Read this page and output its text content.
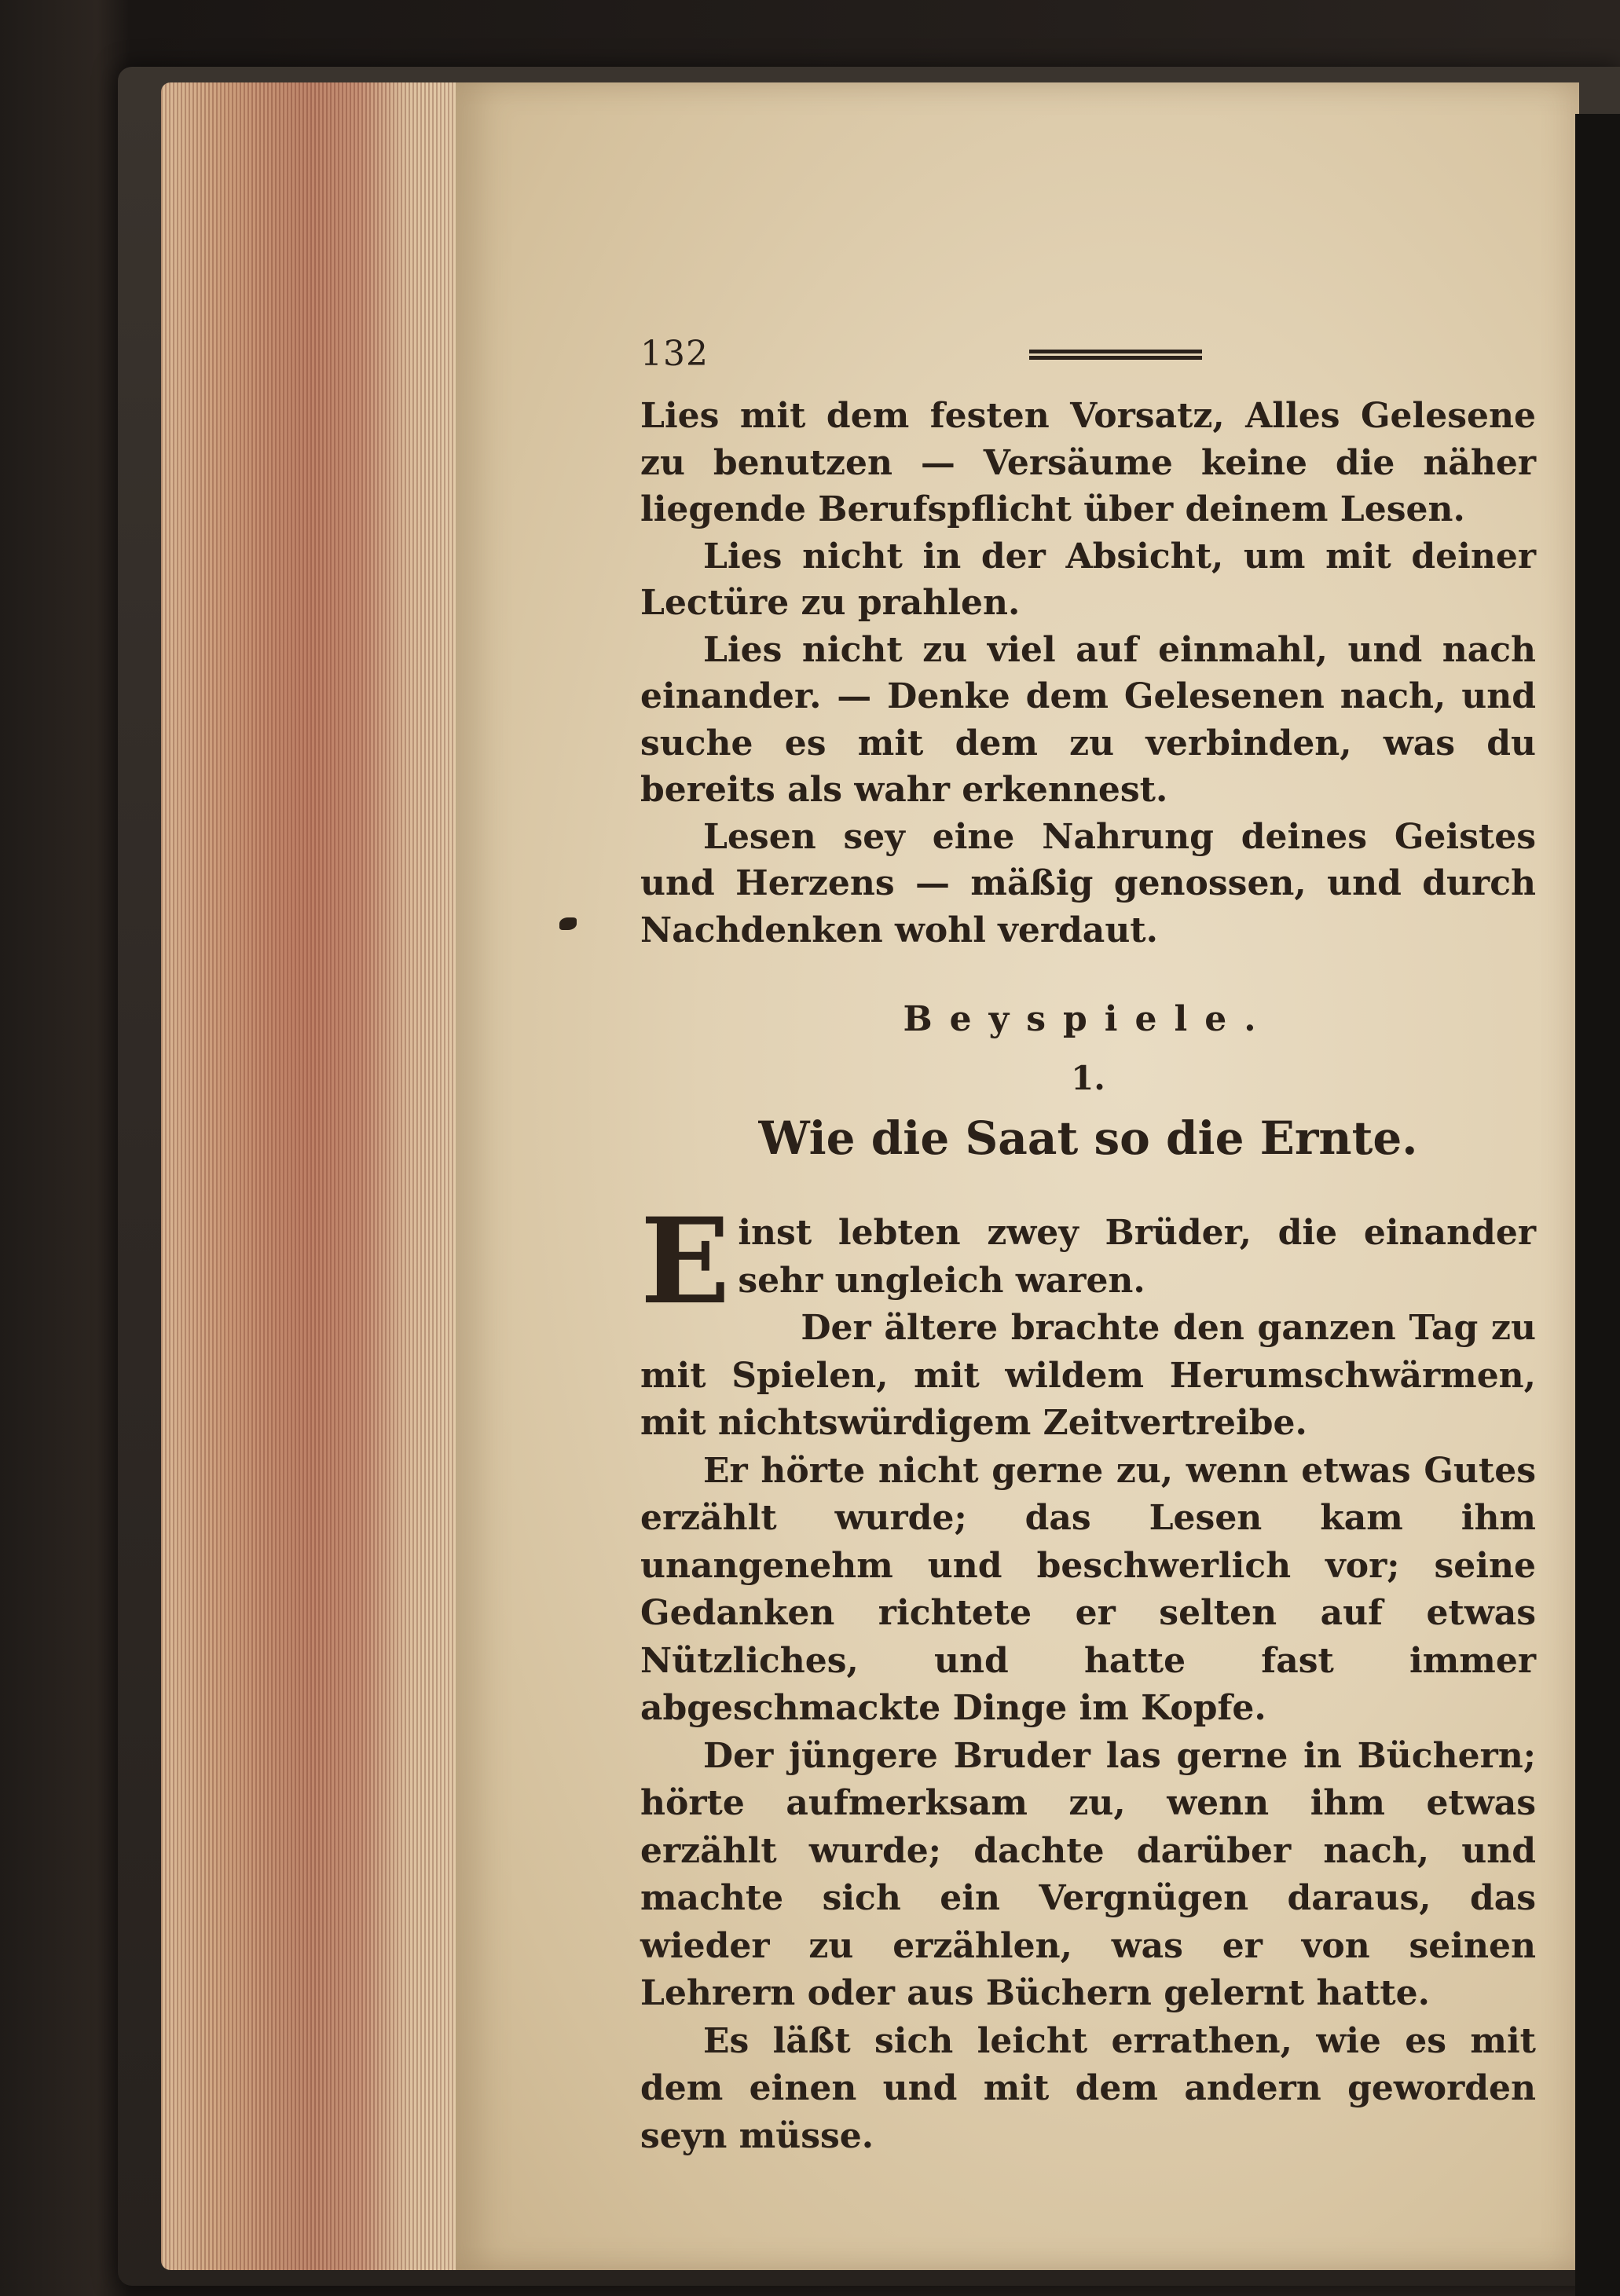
132

Lies mit dem festen Vorsatz, Alles Gelesene zu benutzen — Versäume keine die näher liegende Berufspflicht über deinem Lesen.

Lies nicht in der Absicht, um mit deiner Lectüre zu prahlen.

Lies nicht zu viel auf einmahl, und nach einander. — Denke dem Gelesenen nach, und suche es mit dem zu verbinden, was du bereits als wahr erkennest.

Lesen sey eine Nahrung deines Geistes und Herzens — mäßig genossen, und durch Nachdenken wohl verdaut.

Beyspiele.
1.
Wie die Saat so die Ernte.

Einst lebten zwey Brüder, die einander sehr ungleich waren.

Der ältere brachte den ganzen Tag zu mit Spielen, mit wildem Herumschwärmen, mit nichtswürdigem Zeitvertreibe.

Er hörte nicht gerne zu, wenn etwas Gutes erzählt wurde; das Lesen kam ihm unangenehm und beschwerlich vor; seine Gedanken richtete er selten auf etwas Nützliches, und hatte fast immer abgeschmackte Dinge im Kopfe.

Der jüngere Bruder las gerne in Büchern; hörte aufmerksam zu, wenn ihm etwas erzählt wurde; dachte darüber nach, und machte sich ein Vergnügen daraus, das wieder zu erzählen, was er von seinen Lehrern oder aus Büchern gelernt hatte.

Es läßt sich leicht errathen, wie es mit dem einen und mit dem andern geworden seyn müsse.
